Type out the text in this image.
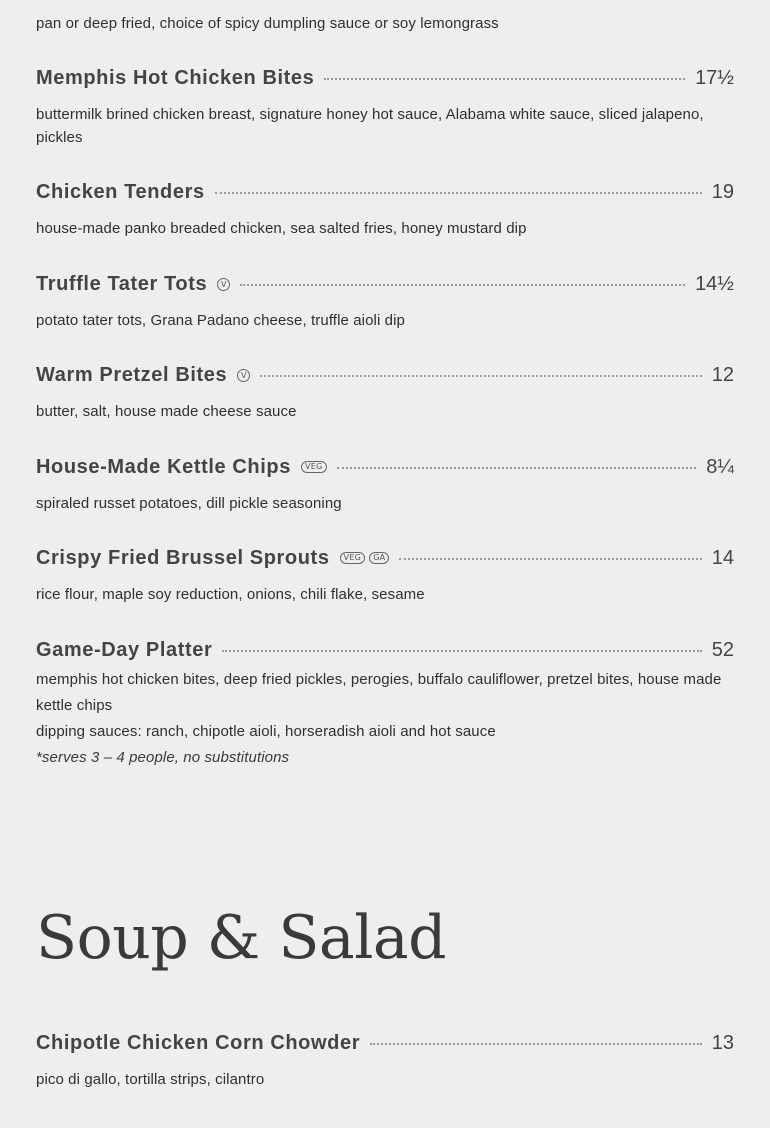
pan or deep fried, choice of spicy dumpling sauce or soy lemongrass

Memphis Hot Chicken Bites	17½

buttermilk brined chicken breast, signature honey hot sauce, Alabama white sauce, sliced jalapeno, pickles

Chicken Tenders	19

house-made panko breaded chicken, sea salted fries, honey mustard dip

Truffle Tater Tots	V	14½

potato tater tots, Grana Padano cheese, truffle aioli dip

Warm Pretzel Bites	V	12

butter, salt, house made cheese sauce

House-Made Kettle Chips	VEG	8¼

spiraled russet potatoes, dill pickle seasoning

Crispy Fried Brussel Sprouts	VEG	GA	14

rice flour, maple soy reduction, onions, chili flake, sesame

Game-Day Platter	52

memphis hot chicken bites, deep fried pickles, perogies, buffalo cauliflower, pretzel bites, house made kettle chips

dipping sauces: ranch, chipotle aioli, horseradish aioli and hot sauce

*serves 3 – 4 people, no substitutions

Soup & Salad
Chipotle Chicken Corn Chowder	13

pico di gallo, tortilla strips, cilantro
